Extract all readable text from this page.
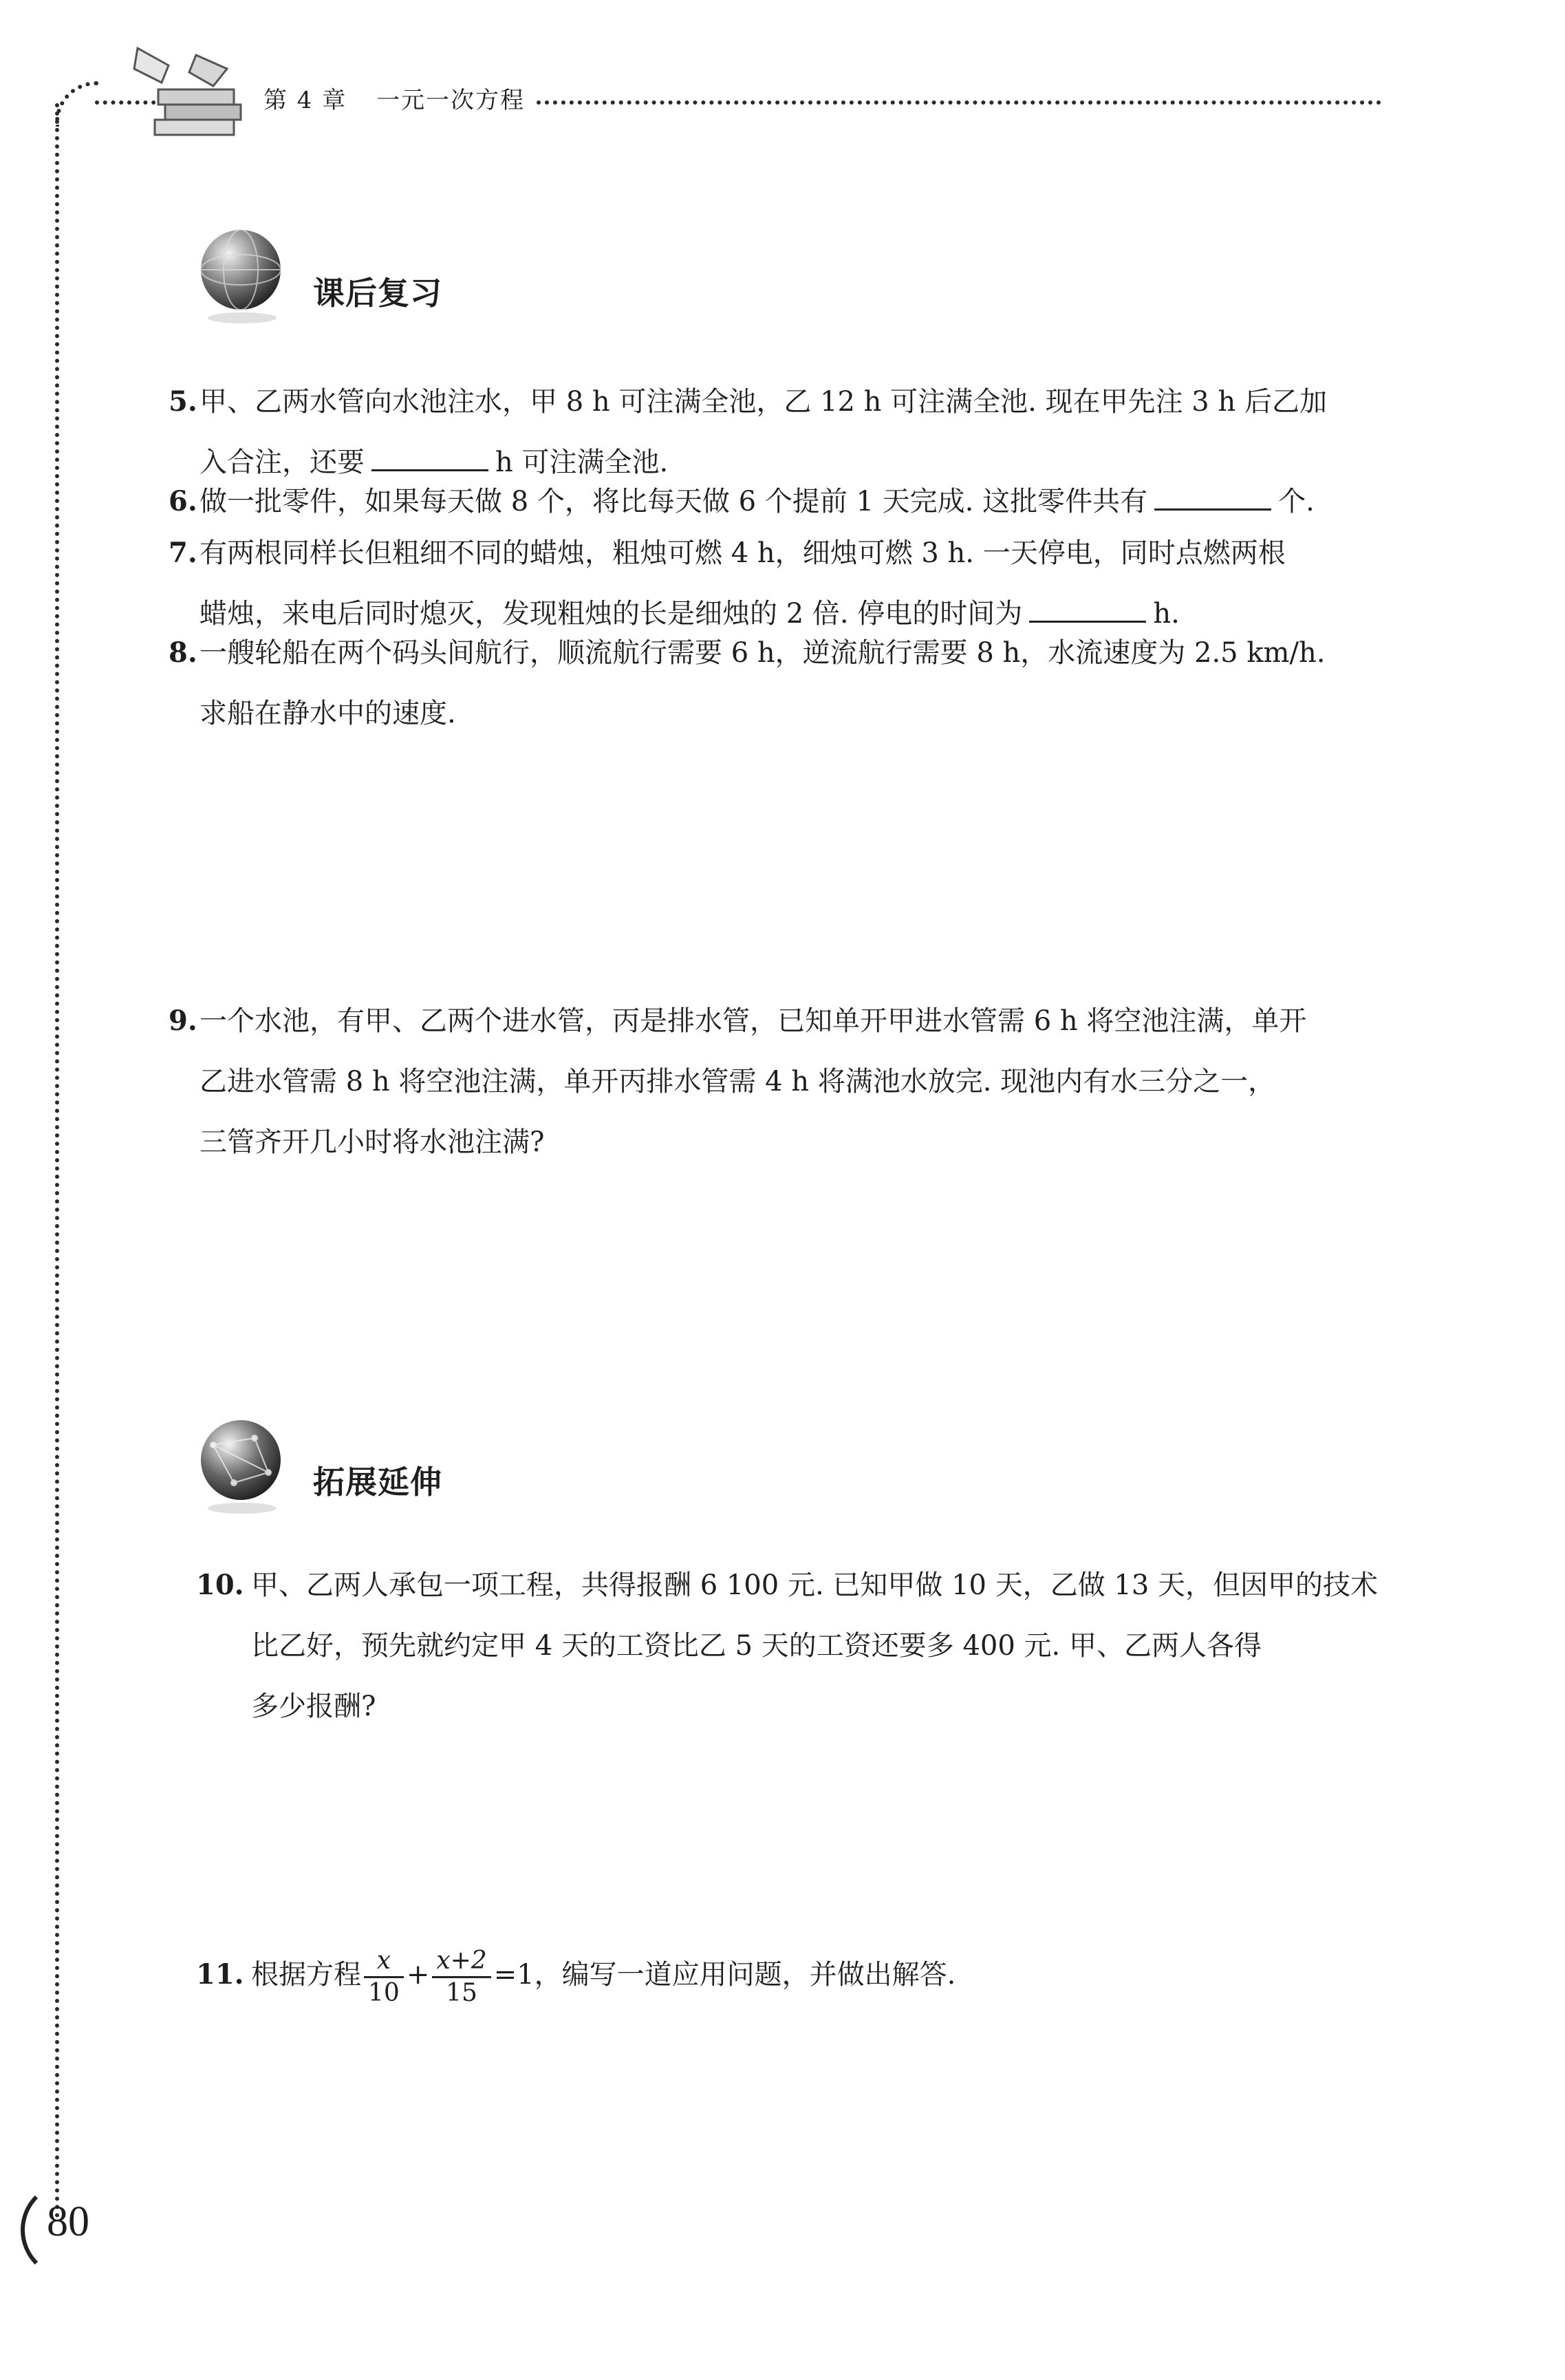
第 4 章 一元一次方程
课后复习
5. 甲、乙两水管向水池注水，甲 8 h 可注满全池，乙 12 h 可注满全池. 现在甲先注 3 h 后乙加
入合注，还要	h 可注满全池.
6. 做一批零件，如果每天做 8 个，将比每天做 6 个提前 1 天完成. 这批零件共有	个.
7. 有两根同样长但粗细不同的蜡烛，粗烛可燃 4 h，细烛可燃 3 h. 一天停电，同时点燃两根
蜡烛，来电后同时熄灭，发现粗烛的长是细烛的 2 倍. 停电的时间为	h.
8. 一艘轮船在两个码头间航行，顺流航行需要 6 h，逆流航行需要 8 h，水流速度为 2.5 km/h.
求船在静水中的速度.
9. 一个水池，有甲、乙两个进水管，丙是排水管，已知单开甲进水管需 6 h 将空池注满，单开
乙进水管需 8 h 将空池注满，单开丙排水管需 4 h 将满池水放完. 现池内有水三分之一，
三管齐开几小时将水池注满?
拓展延伸
10. 甲、乙两人承包一项工程，共得报酬 6 100 元. 已知甲做 10 天，乙做 13 天，但因甲的技术
比乙好，预先就约定甲 4 天的工资比乙 5 天的工资还要多 400 元. 甲、乙两人各得
多少报酬?
11. 根据方程 $\frac{x}{10} + \frac{x+2}{15} =1$，编写一道应用问题，并做出解答.
80
